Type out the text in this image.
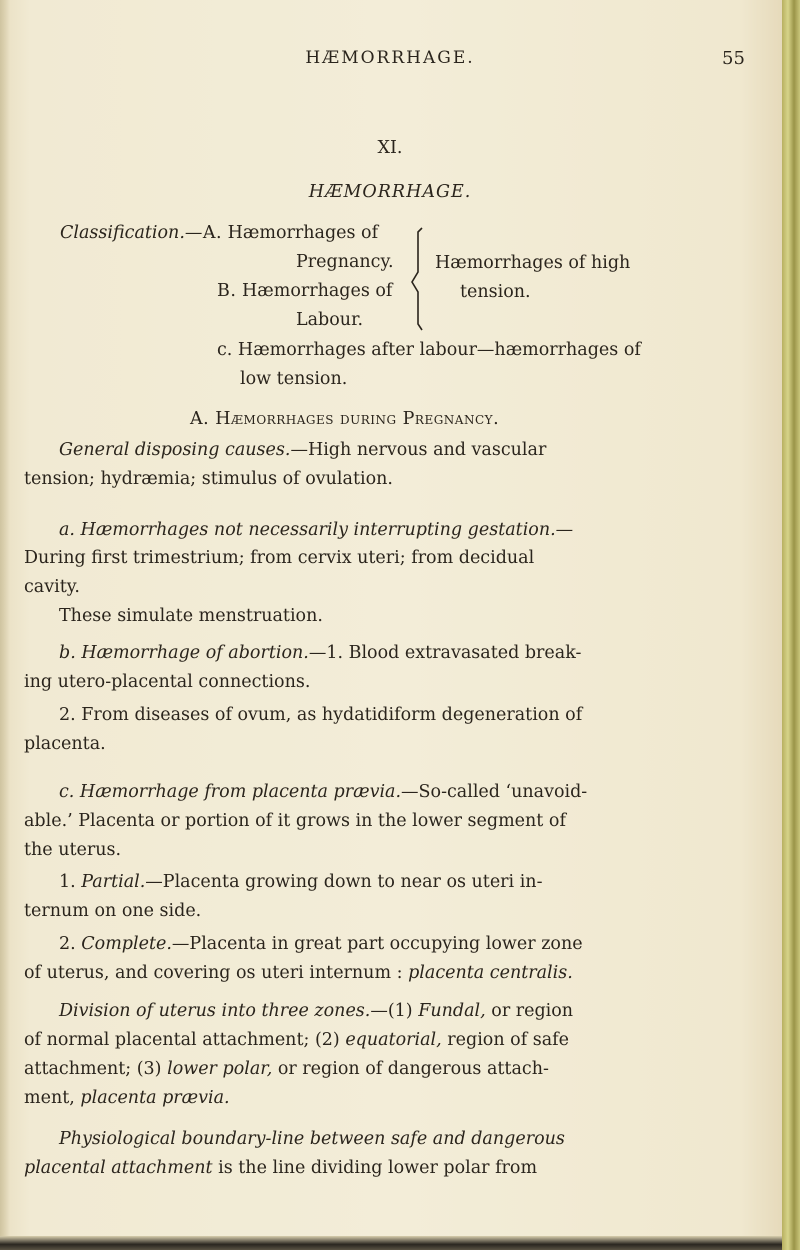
HÆMORRHAGE.	55
XI.
HÆMORRHAGE.
Classification.—A. Hæmorrhages of
Pregnancy.
B. Hæmorrhages of
Labour.
Hæmorrhages of high
tension.
c. Hæmorrhages after labour—hæmorrhages of
low tension.
A. Hæmorrhages during Pregnancy.
General disposing causes.—High nervous and vascular
tension; hydræmia; stimulus of ovulation.
a. Hæmorrhages not necessarily interrupting gestation.—
During first trimestrium; from cervix uteri; from decidual
cavity.
These simulate menstruation.
b. Hæmorrhage of abortion.—1. Blood extravasated break-
ing utero-placental connections.
2. From diseases of ovum, as hydatidiform degeneration of
placenta.
c. Hæmorrhage from placenta prævia.—So-called ‘unavoid-
able.’ Placenta or portion of it grows in the lower segment of
the uterus.
1. Partial.—Placenta growing down to near os uteri in-
ternum on one side.
2. Complete.—Placenta in great part occupying lower zone
of uterus, and covering os uteri internum : placenta centralis.
Division of uterus into three zones.—(1) Fundal, or region
of normal placental attachment; (2) equatorial, region of safe
attachment; (3) lower polar, or region of dangerous attach-
ment, placenta prævia.
Physiological boundary-line between safe and dangerous
placental attachment is the line dividing lower polar from
